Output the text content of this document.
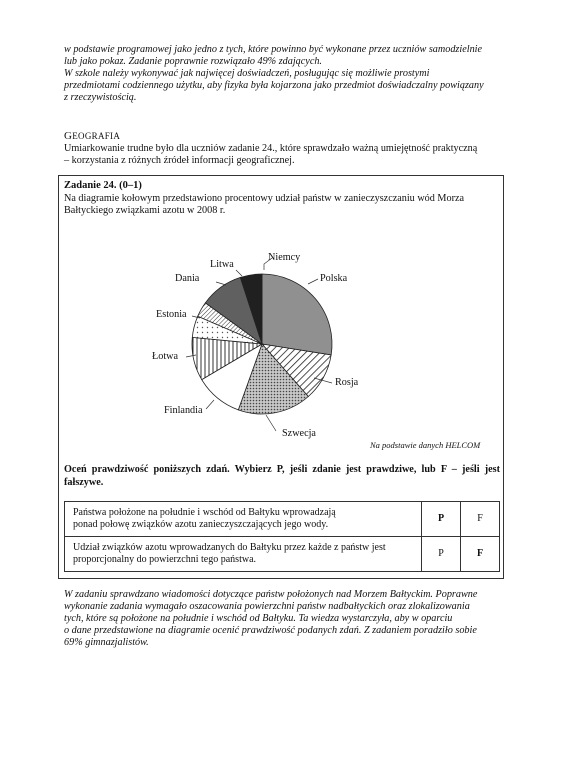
w podstawie programowej jako jedno z tych, które powinno być wykonane przez uczniów samodzielnie
lub jako pokaz. Zadanie poprawnie rozwiązało 49% zdających.
W szkole należy wykonywać jak najwięcej doświadczeń, posługując się możliwie prostymi
przedmiotami codziennego użytku, aby fizyka była kojarzona jako przedmiot doświadczalny powiązany
z rzeczywistością.
GEOGRAFIA
Umiarkowanie trudne było dla uczniów zadanie 24., które sprawdzało ważną umiejętność praktyczną
– korzystania z różnych źródeł informacji geograficznej.
Zadanie 24. (0–1)
Na diagramie kołowym przedstawiono procentowy udział państw w zanieczyszczaniu wód Morza
Bałtyckiego związkami azotu w 2008 r.
Polska
Rosja
Szwecja
Finlandia
Łotwa
Estonia
Dania
Litwa
Niemcy
Na podstawie danych HELCOM
Oceń prawdziwość poniższych zdań. Wybierz P, jeśli zdanie jest prawdziwe, lub F – jeśli jest fałszywe.
Państwa położone na południe i wschód od Bałtyku wprowadzają
ponad połowę związków azotu zanieczyszczających jego wody.	P	F

Udział związków azotu wprowadzanych do Bałtyku przez każde z państw jest
proporcjonalny do powierzchni tego państwa.	P	F
W zadaniu sprawdzano wiadomości dotyczące państw położonych nad Morzem Bałtyckim. Poprawne
wykonanie zadania wymagało oszacowania powierzchni państw nadbałtyckich oraz zlokalizowania
tych, które są położone na południe i wschód od Bałtyku. Ta wiedza wystarczyła, aby w oparciu
o dane przedstawione na diagramie ocenić prawdziwość podanych zdań. Z zadaniem poradziło sobie
69% gimnazjalistów.
